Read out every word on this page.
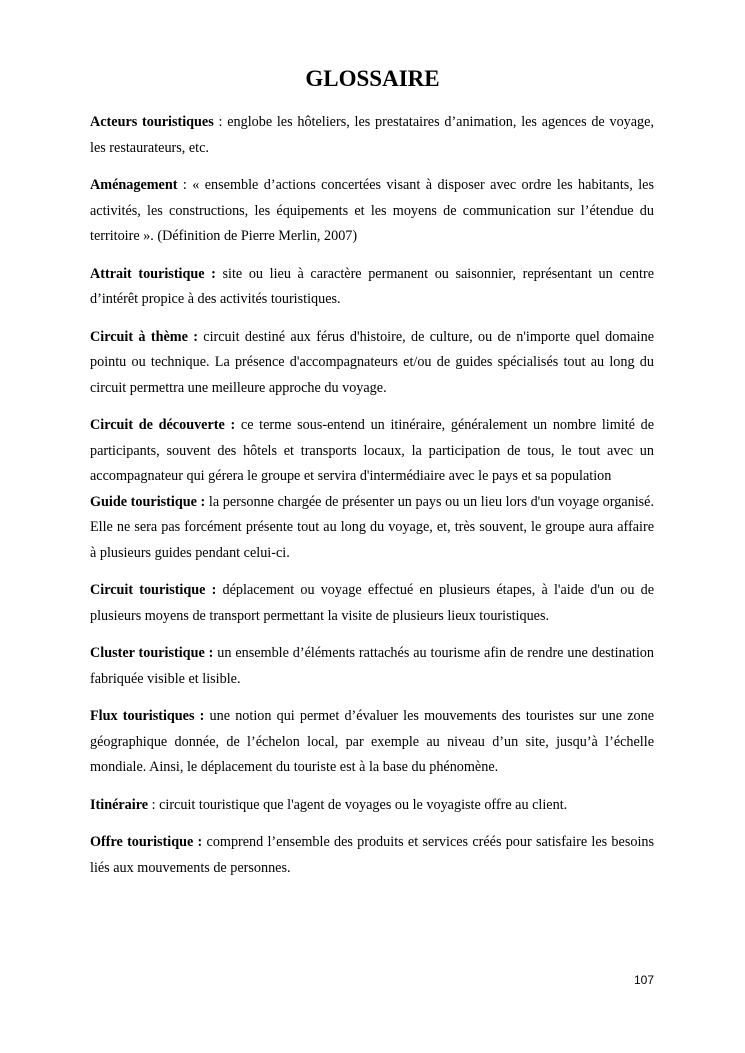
GLOSSAIRE

Acteurs touristiques : englobe les hôteliers, les prestataires d’animation, les agences de voyage, les restaurateurs, etc.

Aménagement : « ensemble d’actions concertées visant à disposer avec ordre les habitants, les activités, les constructions, les équipements et les moyens de communication sur l’étendue du territoire ». (Définition de Pierre Merlin, 2007)

Attrait touristique : site ou lieu à caractère permanent ou saisonnier, représentant un centre d’intérêt propice à des activités touristiques.

Circuit à thème : circuit destiné aux férus d'histoire, de culture, ou de n'importe quel domaine pointu ou technique. La présence d'accompagnateurs et/ou de guides spécialisés tout au long du circuit permettra une meilleure approche du voyage.

Circuit de découverte : ce terme sous-entend un itinéraire, généralement un nombre limité de participants, souvent des hôtels et transports locaux, la participation de tous, le tout avec un accompagnateur qui gérera le groupe et servira d'intermédiaire avec le pays et sa population

Guide touristique : la personne chargée de présenter un pays ou un lieu lors d'un voyage organisé. Elle ne sera pas forcément présente tout au long du voyage, et, très souvent, le groupe aura affaire à plusieurs guides pendant celui-ci.

Circuit touristique : déplacement ou voyage effectué en plusieurs étapes, à l'aide d'un ou de plusieurs moyens de transport permettant la visite de plusieurs lieux touristiques.

Cluster touristique : un ensemble d’éléments rattachés au tourisme afin de rendre une destination fabriquée visible et lisible.

Flux touristiques : une notion qui permet d’évaluer les mouvements des touristes sur une zone géographique donnée, de l’échelon local, par exemple au niveau d’un site, jusqu’à l’échelle mondiale. Ainsi, le déplacement du touriste est à la base du phénomène.

Itinéraire : circuit touristique que l'agent de voyages ou le voyagiste offre au client.

Offre touristique : comprend l’ensemble des produits et services créés pour satisfaire les besoins liés aux mouvements de personnes.

107
